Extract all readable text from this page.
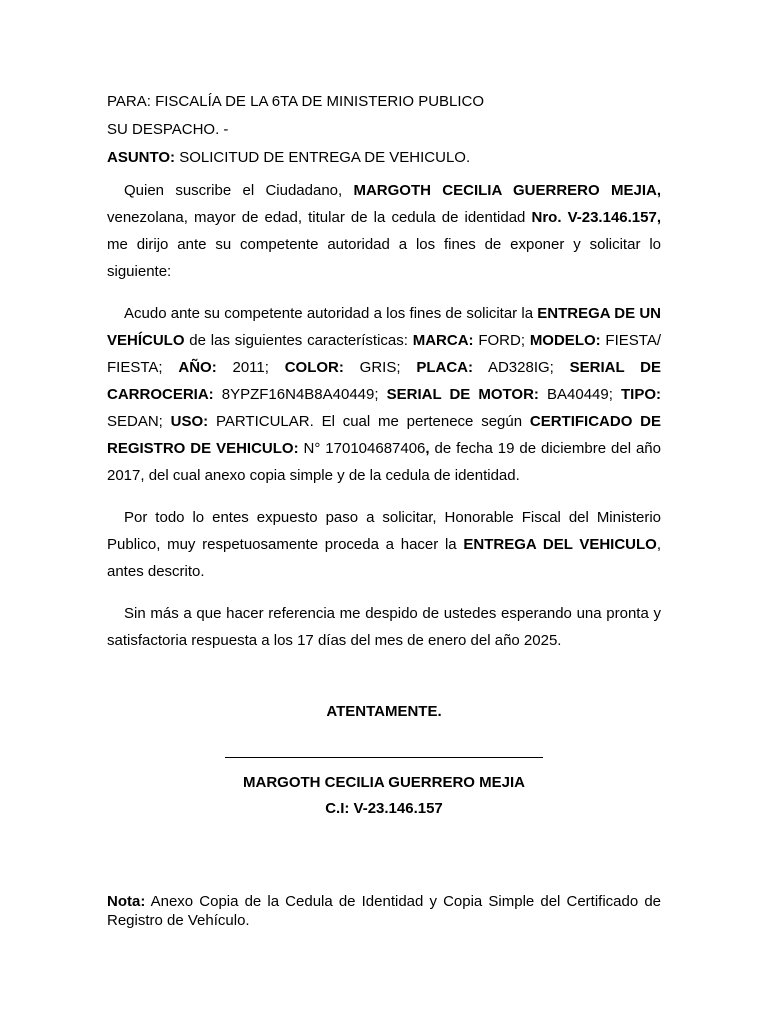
PARA: FISCALÍA DE LA 6TA DE MINISTERIO PUBLICO

SU DESPACHO. -

ASUNTO: SOLICITUD DE ENTREGA DE VEHICULO.

Quien suscribe el Ciudadano, MARGOTH CECILIA GUERRERO MEJIA, venezolana, mayor de edad, titular de la cedula de identidad Nro. V-23.146.157, me dirijo ante su competente autoridad a los fines de exponer y solicitar lo siguiente:

Acudo ante su competente autoridad a los fines de solicitar la ENTREGA DE UN VEHÍCULO de las siguientes características: MARCA: FORD; MODELO: FIESTA/ FIESTA; AÑO: 2011; COLOR: GRIS; PLACA: AD328IG; SERIAL DE CARROCERIA: 8YPZF16N4B8A40449; SERIAL DE MOTOR: BA40449; TIPO: SEDAN; USO: PARTICULAR. El cual me pertenece según CERTIFICADO DE REGISTRO DE VEHICULO: N° 170104687406, de fecha 19 de diciembre del año 2017, del cual anexo copia simple y de la cedula de identidad.

Por todo lo entes expuesto paso a solicitar, Honorable Fiscal del Ministerio Publico, muy respetuosamente proceda a hacer la ENTREGA DEL VEHICULO, antes descrito.

Sin más a que hacer referencia me despido de ustedes esperando una pronta y satisfactoria respuesta a los 17 días del mes de enero del año 2025.

ATENTAMENTE.

MARGOTH CECILIA GUERRERO MEJIA

C.I: V-23.146.157

Nota: Anexo Copia de la Cedula de Identidad y Copia Simple del Certificado de Registro de Vehículo.
